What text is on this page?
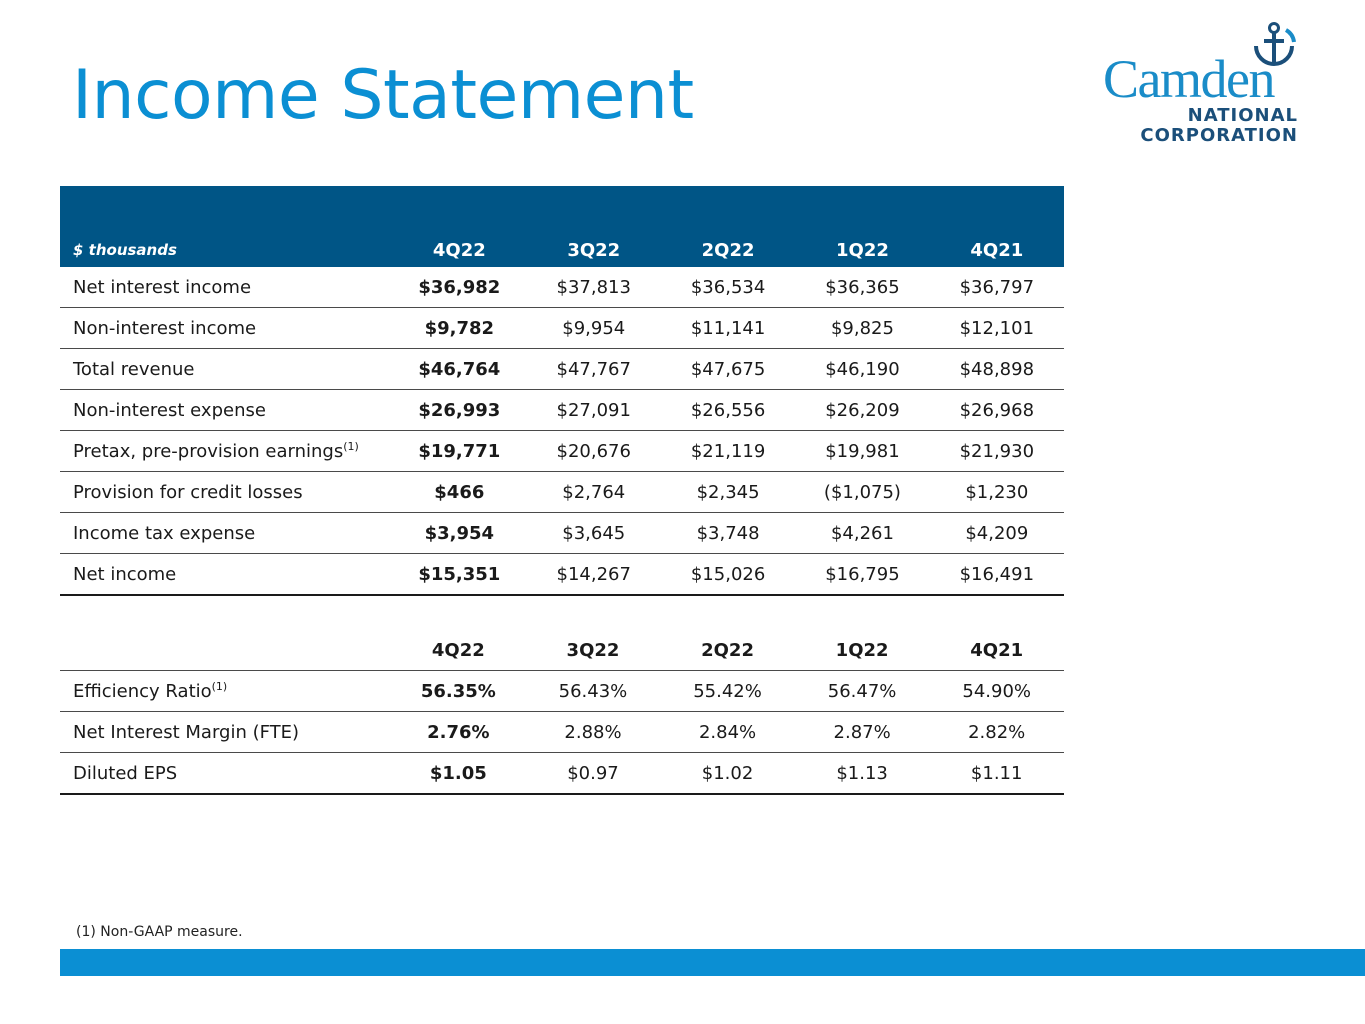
Income Statement	Camden
NATIONAL
CORPORATION
$ thousands	4Q22	3Q22	2Q22	1Q22	4Q21
Net interest income	$36,982	$37,813	$36,534	$36,365	$36,797
Non-interest income	$9,782	$9,954	$11,141	$9,825	$12,101
Total revenue	$46,764	$47,767	$47,675	$46,190	$48,898
Non-interest expense	$26,993	$27,091	$26,556	$26,209	$26,968
Pretax, pre-provision earnings$^{(1)}$	$19,771	$20,676	$21,119	$19,981	$21,930
Provision for credit losses	$466	$2,764	$2,345	($1,075)	$1,230
Income tax expense	$3,954	$3,645	$3,748	$4,261	$4,209
Net income	$15,351	$14,267	$15,026	$16,795	$16,491
	4Q22	3Q22	2Q22	1Q22	4Q21
Efficiency Ratio$^{(1)}$	56.35%	56.43%	55.42%	56.47%	54.90%
Net Interest Margin (FTE)	2.76%	2.88%	2.84%	2.87%	2.82%
Diluted EPS	$1.05	$0.97	$1.02	$1.13	$1.11
(1) Non-GAAP measure.
